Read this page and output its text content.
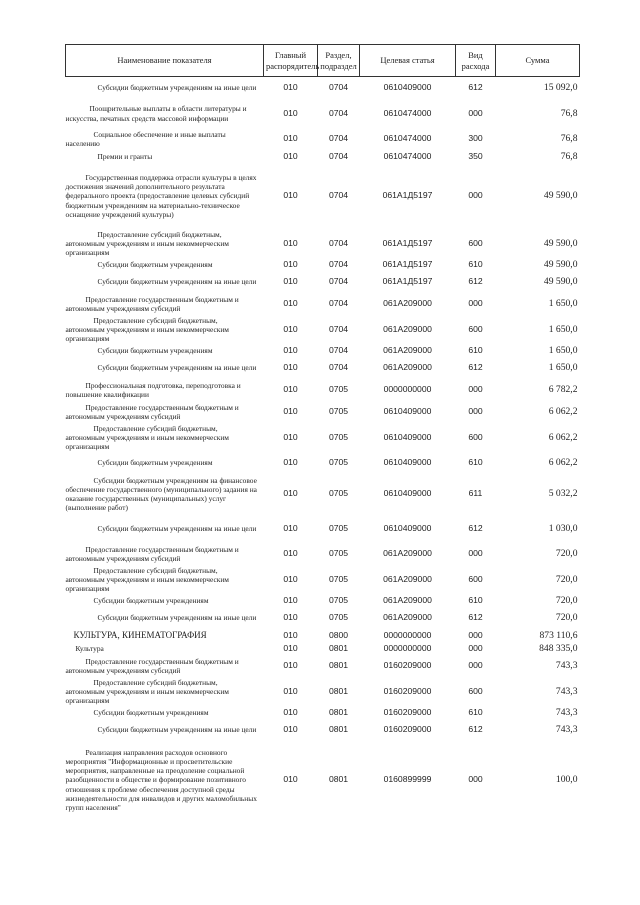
Наименование показателя	Главный распорядитель	Раздел, подраздел	Целевая статья	Вид расхода	Сумма
Субсидии бюджетным учреждениям на иные цели	010	0704	0610409000	612	15 092,0
Поощрительные выплаты в области литературы и искусства, печатных средств массовой информации	010	0704	0610474000	000	76,8
Социальное обеспечение и иные выплаты населению	010	0704	0610474000	300	76,8
Премии и гранты	010	0704	0610474000	350	76,8
Государственная поддержка отрасли культуры в целях достижения значений дополнительного результата федерального проекта (предоставление целевых субсидий бюджетным учреждениям на материально-техническое оснащение учреждений культуры)	010	0704	061А1Д5197	000	49 590,0
Предоставление субсидий бюджетным, автономным учреждениям и иным некоммерческим организациям	010	0704	061А1Д5197	600	49 590,0
Субсидии бюджетным учреждениям	010	0704	061А1Д5197	610	49 590,0
Субсидии бюджетным учреждениям на иные цели	010	0704	061А1Д5197	612	49 590,0
Предоставление государственным бюджетным и автономным учреждениям субсидий	010	0704	061А209000	000	1 650,0
Предоставление субсидий бюджетным, автономным учреждениям и иным некоммерческим организациям	010	0704	061А209000	600	1 650,0
Субсидии бюджетным учреждениям	010	0704	061А209000	610	1 650,0
Субсидии бюджетным учреждениям на иные цели	010	0704	061А209000	612	1 650,0
Профессиональная подготовка, переподготовка и повышение квалификации	010	0705	0000000000	000	6 782,2
Предоставление государственным бюджетным и автономным учреждениям субсидий	010	0705	0610409000	000	6 062,2
Предоставление субсидий бюджетным, автономным учреждениям и иным некоммерческим организациям	010	0705	0610409000	600	6 062,2
Субсидии бюджетным учреждениям	010	0705	0610409000	610	6 062,2
Субсидии бюджетным учреждениям на финансовое обеспечение государственного (муниципального) задания на оказание государственных (муниципальных) услуг (выполнение работ)	010	0705	0610409000	611	5 032,2
Субсидии бюджетным учреждениям на иные цели	010	0705	0610409000	612	1 030,0
Предоставление государственным бюджетным и автономным учреждениям субсидий	010	0705	061А209000	000	720,0
Предоставление субсидий бюджетным, автономным учреждениям и иным некоммерческим организациям	010	0705	061А209000	600	720,0
Субсидии бюджетным учреждениям	010	0705	061А209000	610	720,0
Субсидии бюджетным учреждениям на иные цели	010	0705	061А209000	612	720,0
КУЛЬТУРА, КИНЕМАТОГРАФИЯ	010	0800	0000000000	000	873 110,6
Культура	010	0801	0000000000	000	848 335,0
Предоставление государственным бюджетным и автономным учреждениям субсидий	010	0801	0160209000	000	743,3
Предоставление субсидий бюджетным, автономным учреждениям и иным некоммерческим организациям	010	0801	0160209000	600	743,3
Субсидии бюджетным учреждениям	010	0801	0160209000	610	743,3
Субсидии бюджетным учреждениям на иные цели	010	0801	0160209000	612	743,3
Реализация направления расходов основного мероприятия "Информационные и просветительские мероприятия, направленные на преодоление социальной разобщенности в обществе и формирование позитивного отношения к проблеме обеспечения доступной среды жизнедеятельности для инвалидов и других маломобильных групп населения"	010	0801	0160899999	000	100,0
